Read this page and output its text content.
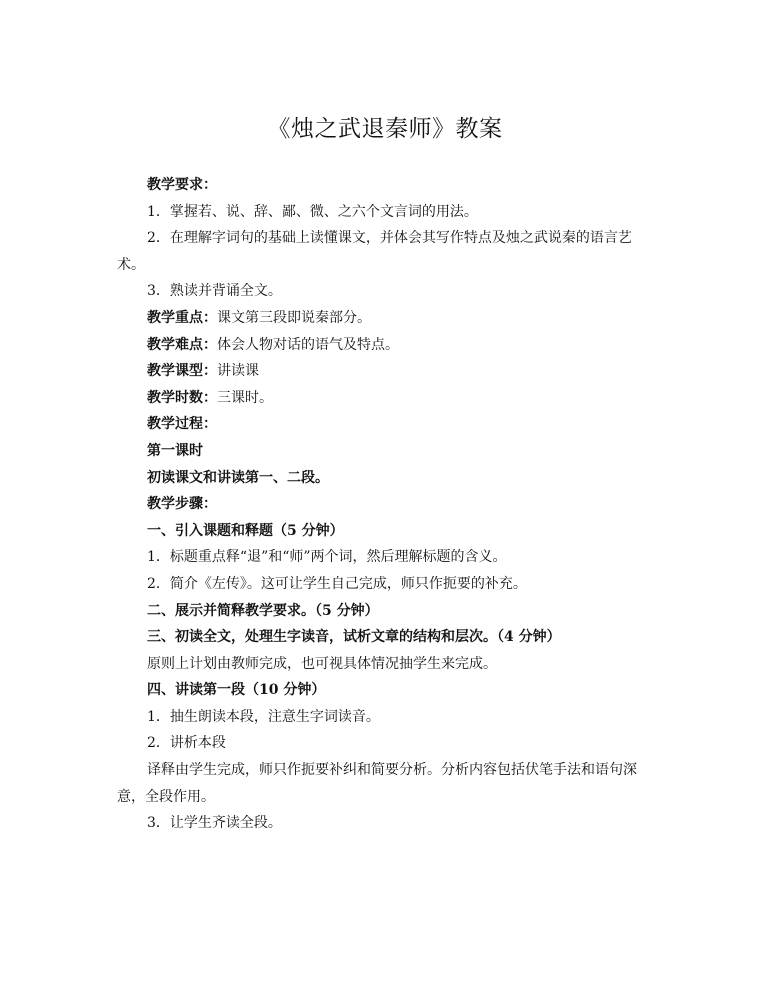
《烛之武退秦师》教案

教学要求：

1．掌握若、说、辞、鄙、微、之六个文言词的用法。

2．在理解字词句的基础上读懂课文，并体会其写作特点及烛之武说秦的语言艺术。

3．熟读并背诵全文。

教学重点：课文第三段即说秦部分。

教学难点：体会人物对话的语气及特点。

教学课型：讲读课

教学时数：三课时。

教学过程：

第一课时

初读课文和讲读第一、二段。

教学步骤：

一、引入课题和释题（5 分钟）

1．标题重点释“退”和“师”两个词，然后理解标题的含义。

2．简介《左传》。这可让学生自己完成，师只作扼要的补充。

二、展示并简释教学要求。（5 分钟）

三、初读全文，处理生字读音，试析文章的结构和层次。（4 分钟）

原则上计划由教师完成，也可视具体情况抽学生来完成。

四、讲读第一段（10 分钟）

1．抽生朗读本段，注意生字词读音。

2．讲析本段

译释由学生完成，师只作扼要补纠和简要分析。分析内容包括伏笔手法和语句深意，全段作用。

3．让学生齐读全段。
